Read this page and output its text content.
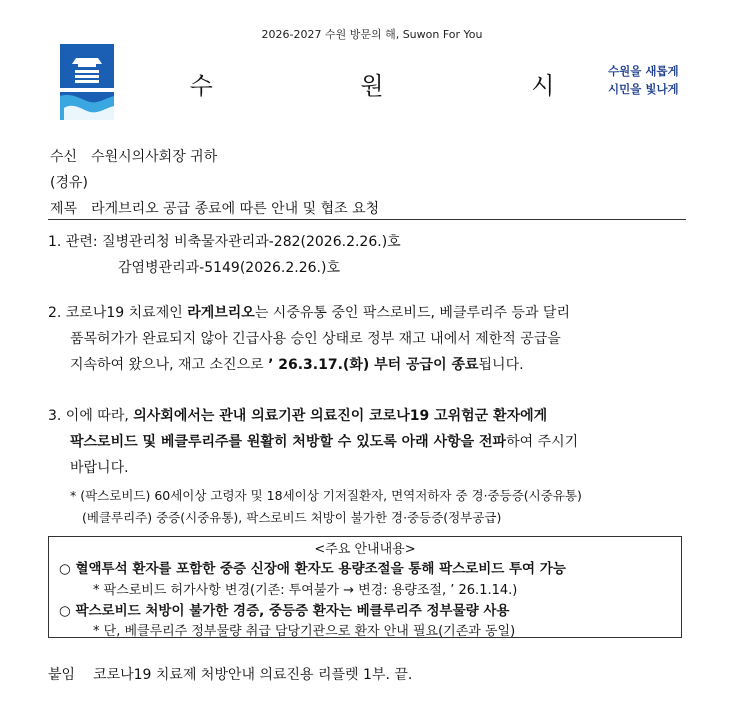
2026-2027 수원 방문의 해, Suwon For You
수 원 시
수원을 새롭게
시민을 빛나게
수신 수원시의사회장 귀하
(경유)
제목 라게브리오 공급 종료에 따른 안내 및 협조 요청
1. 관련: 질병관리청 비축물자관리과-282(2026.2.26.)호
감염병관리과-5149(2026.2.26.)호
2. 코로나19 치료제인 라게브리오는 시중유통 중인 팍스로비드, 베클루리주 등과 달리
품목허가가 완료되지 않아 긴급사용 승인 상태로 정부 재고 내에서 제한적 공급을
지속하여 왔으나, 재고 소진으로 ’ 26.3.17.(화) 부터 공급이 종료됩니다.
3. 이에 따라, 의사회에서는 관내 의료기관 의료진이 코로나19 고위험군 환자에게
팍스로비드 및 베클루리주를 원활히 처방할 수 있도록 아래 사항을 전파하여 주시기
바랍니다.
* (팍스로비드) 60세이상 고령자 및 18세이상 기저질환자, 면역저하자 중 경·중등증(시중유통)
(베클루리주) 중증(시중유통), 팍스로비드 처방이 불가한 경·중등증(정부공급)
<주요 안내내용>
○ 혈액투석 환자를 포함한 중증 신장애 환자도 용량조절을 통해 팍스로비드 투여 가능
* 팍스로비드 허가사항 변경(기존: 투여불가 → 변경: 용량조절, ’ 26.1.14.)
○ 팍스로비드 처방이 불가한 경증, 중등증 환자는 베클루리주 정부물량 사용
* 단, 베클루리주 정부물량 취급 담당기관으로 환자 안내 필요(기존과 동일)
붙임 코로나19 치료제 처방안내 의료진용 리플렛 1부. 끝.
